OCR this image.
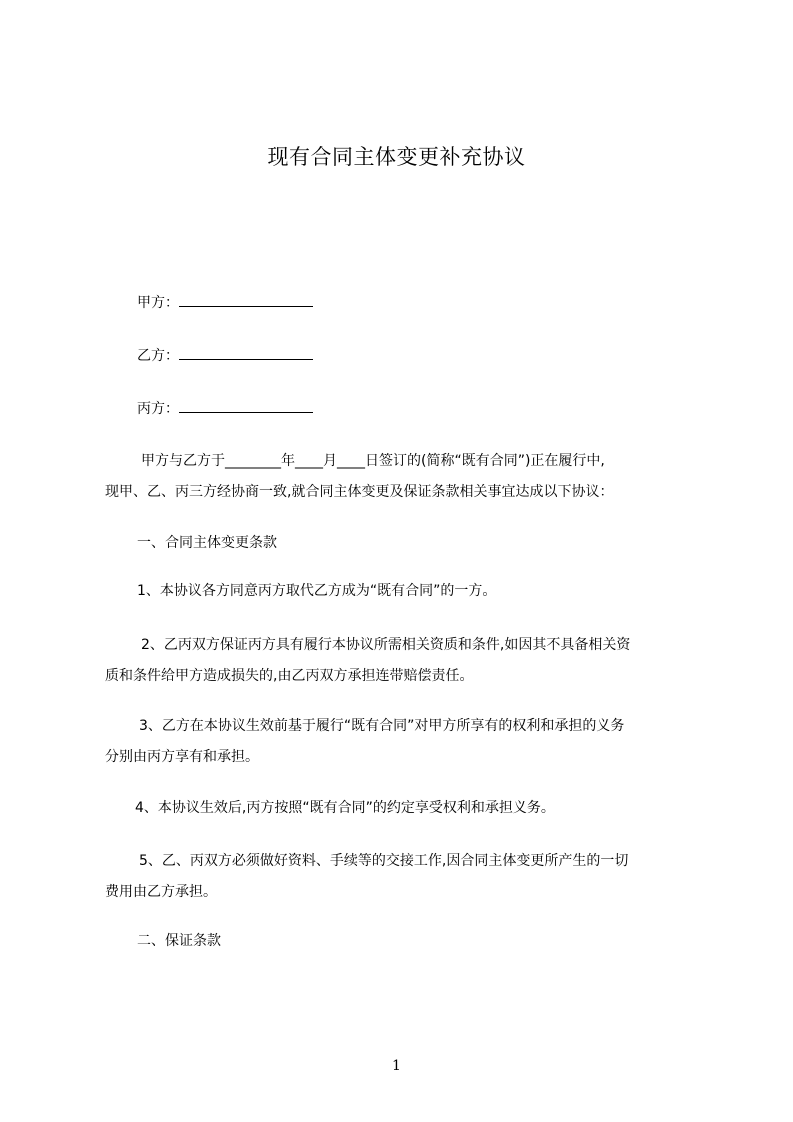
现有合同主体变更补充协议
甲方：
乙方：
丙方：
甲方与乙方于________年____月____日签订的(简称“既有合同”)正在履行中,
现甲、乙、丙三方经协商一致,就合同主体变更及保证条款相关事宜达成以下协议：
一、合同主体变更条款
1、本协议各方同意丙方取代乙方成为“既有合同”的一方。
2、乙丙双方保证丙方具有履行本协议所需相关资质和条件,如因其不具备相关资
质和条件给甲方造成损失的,由乙丙双方承担连带赔偿责任。
3、乙方在本协议生效前基于履行“既有合同”对甲方所享有的权利和承担的义务
分别由丙方享有和承担。
4、本协议生效后,丙方按照“既有合同”的约定享受权利和承担义务。
5、乙、丙双方必须做好资料、手续等的交接工作,因合同主体变更所产生的一切
费用由乙方承担。
二、保证条款
1
